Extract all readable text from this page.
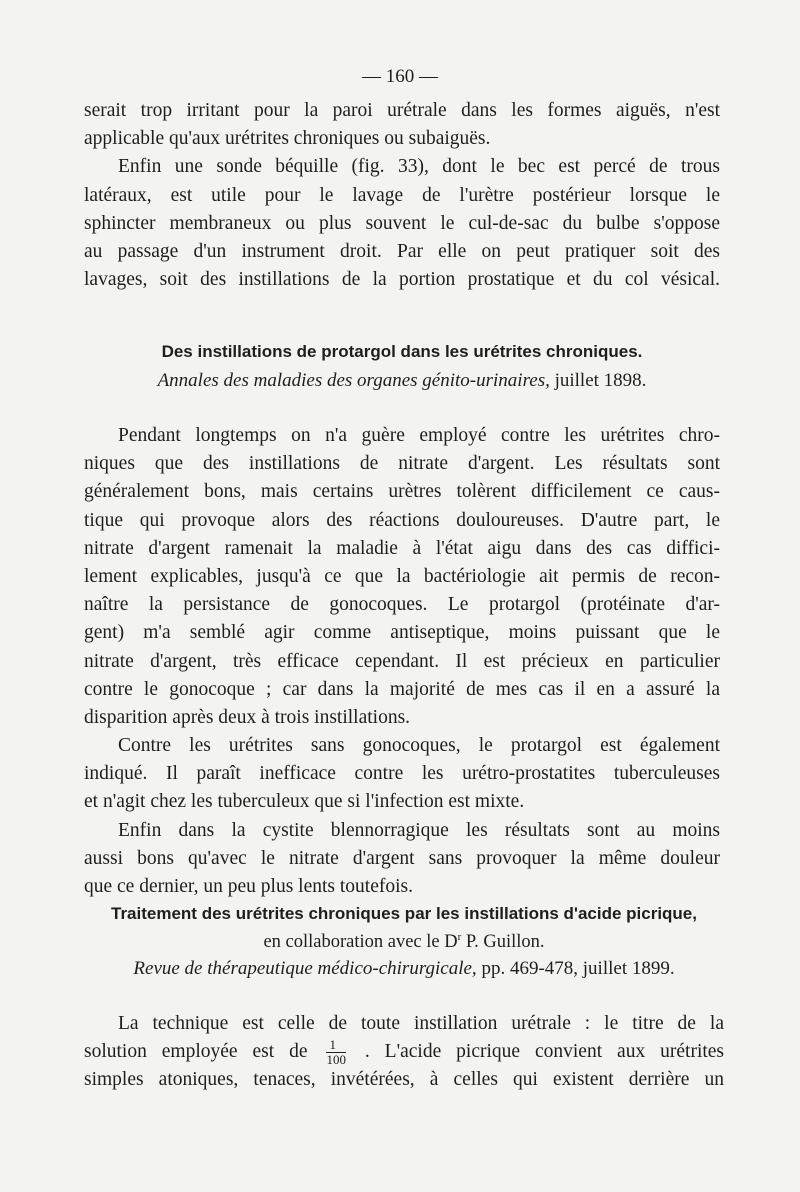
— 160 —
serait trop irritant pour la paroi urétrale dans les formes aiguës, n'est
applicable qu'aux urétrites chroniques ou subaiguës.
Enfin une sonde béquille (fig. 33), dont le bec est percé de trous
latéraux, est utile pour le lavage de l'urètre postérieur lorsque le
sphincter membraneux ou plus souvent le cul-de-sac du bulbe s'oppose
au passage d'un instrument droit. Par elle on peut pratiquer soit des
lavages, soit des instillations de la portion prostatique et du col vésical.
Des instillations de protargol dans les urétrites chroniques.
Annales des maladies des organes génito-urinaires, juillet 1898.
Pendant longtemps on n'a guère employé contre les urétrites chro-
niques que des instillations de nitrate d'argent. Les résultats sont
généralement bons, mais certains urètres tolèrent difficilement ce caus-
tique qui provoque alors des réactions douloureuses. D'autre part, le
nitrate d'argent ramenait la maladie à l'état aigu dans des cas diffici-
lement explicables, jusqu'à ce que la bactériologie ait permis de recon-
naître la persistance de gonocoques. Le protargol (protéinate d'ar-
gent) m'a semblé agir comme antiseptique, moins puissant que le
nitrate d'argent, très efficace cependant. Il est précieux en particulier
contre le gonocoque ; car dans la majorité de mes cas il en a assuré la
disparition après deux à trois instillations.
Contre les urétrites sans gonocoques, le protargol est également
indiqué. Il paraît inefficace contre les urétro-prostatites tuberculeuses
et n'agit chez les tuberculeux que si l'infection est mixte.
Enfin dans la cystite blennorragique les résultats sont au moins
aussi bons qu'avec le nitrate d'argent sans provoquer la même douleur
que ce dernier, un peu plus lents toutefois.
Traitement des urétrites chroniques par les instillations d'acide picrique,
en collaboration avec le $D^r$ P. Guillon.
Revue de thérapeutique médico-chirurgicale, pp. 469-478, juillet 1899.
La technique est celle de toute instillation urétrale : le titre de la
solution employée est de $\frac{1}{100}$ . L'acide picrique convient aux urétrites
simples atoniques, tenaces, invétérées, à celles qui existent derrière un
